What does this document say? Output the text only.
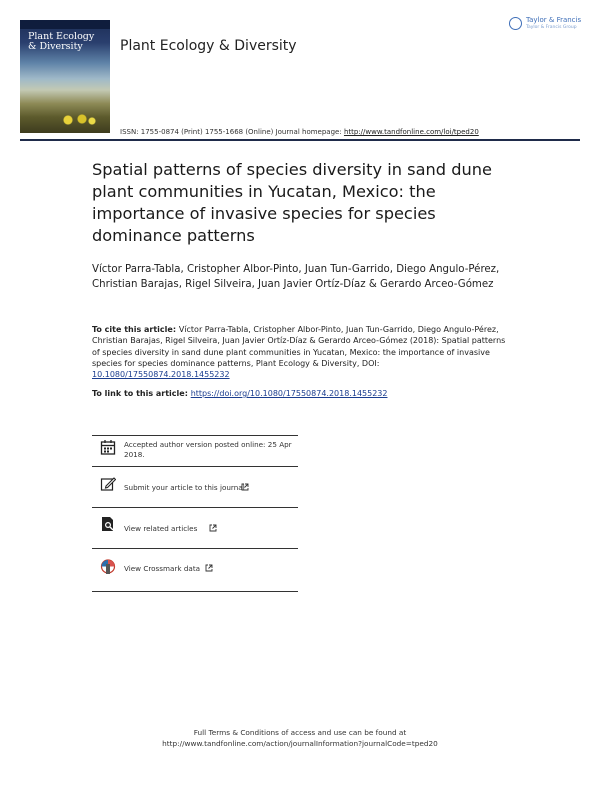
Plant Ecology
& Diversity	Plant Ecology & Diversity
Taylor & Francis
Taylor & Francis Group
ISSN: 1755-0874 (Print) 1755-1668 (Online) Journal homepage: http://www.tandfonline.com/loi/tped20
Spatial patterns of species diversity in sand dune plant communities in Yucatan, Mexico: the importance of invasive species for species dominance patterns
Víctor Parra-Tabla, Cristopher Albor-Pinto, Juan Tun-Garrido, Diego Angulo-Pérez, Christian Barajas, Rigel Silveira, Juan Javier Ortíz-Díaz & Gerardo Arceo-Gómez
To cite this article: Víctor Parra-Tabla, Cristopher Albor-Pinto, Juan Tun-Garrido, Diego Angulo-Pérez, Christian Barajas, Rigel Silveira, Juan Javier Ortíz-Díaz & Gerardo Arceo-Gómez (2018): Spatial patterns of species diversity in sand dune plant communities in Yucatan, Mexico: the importance of invasive species for species dominance patterns, Plant Ecology & Diversity, DOI: 10.1080/17550874.2018.1455232
To link to this article: https://doi.org/10.1080/17550874.2018.1455232
Accepted author version posted online: 25 Apr 2018.
Submit your article to this journal
View related articles
View Crossmark data
Full Terms & Conditions of access and use can be found at
http://www.tandfonline.com/action/journalInformation?journalCode=tped20
